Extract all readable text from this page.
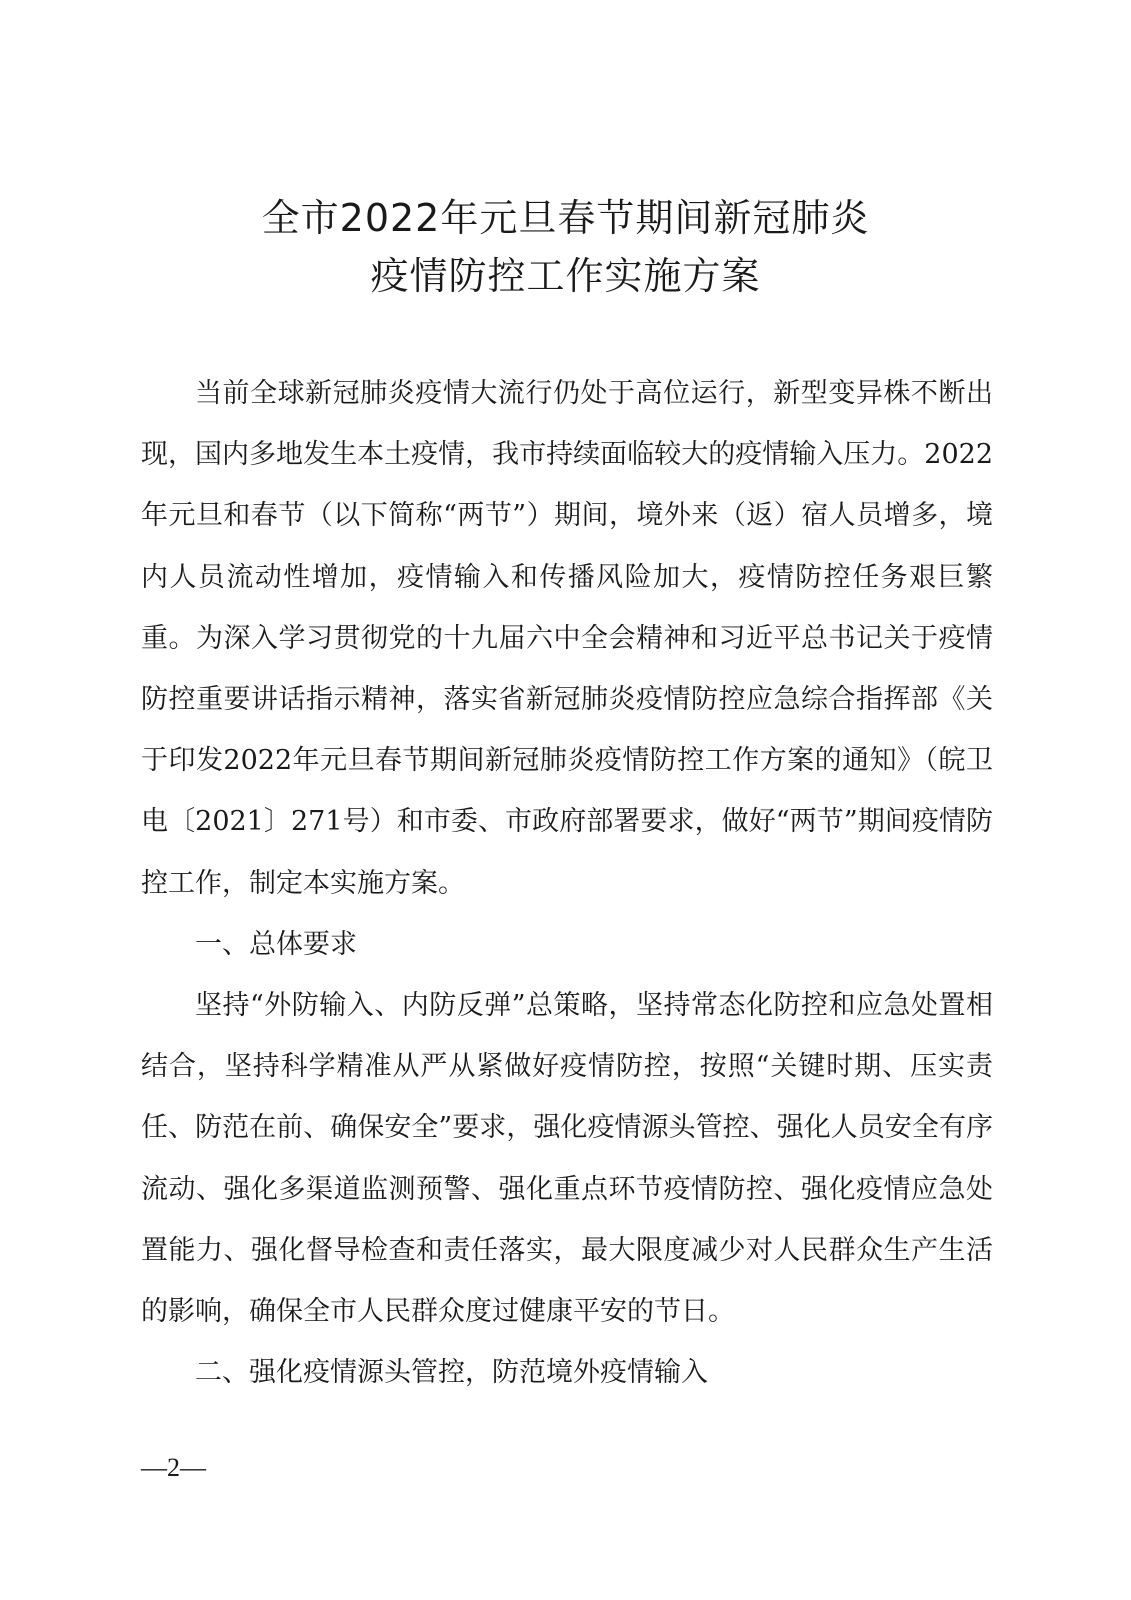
全市2022年元旦春节期间新冠肺炎
疫情防控工作实施方案

当前全球新冠肺炎疫情大流行仍处于高位运行，新型变异株不断出现，国内多地发生本土疫情，我市持续面临较大的疫情输入压力。2022年元旦和春节（以下简称“两节”）期间，境外来（返）宿人员增多，境内人员流动性增加，疫情输入和传播风险加大，疫情防控任务艰巨繁重。为深入学习贯彻党的十九届六中全会精神和习近平总书记关于疫情防控重要讲话指示精神，落实省新冠肺炎疫情防控应急综合指挥部《关于印发2022年元旦春节期间新冠肺炎疫情防控工作方案的通知》（皖卫电〔2021〕271号）和市委、市政府部署要求，做好“两节”期间疫情防控工作，制定本实施方案。

一、总体要求

坚持“外防输入、内防反弹”总策略，坚持常态化防控和应急处置相结合，坚持科学精准从严从紧做好疫情防控，按照“关键时期、压实责任、防范在前、确保安全”要求，强化疫情源头管控、强化人员安全有序流动、强化多渠道监测预警、强化重点环节疫情防控、强化疫情应急处置能力、强化督导检查和责任落实，最大限度减少对人民群众生产生活的影响，确保全市人民群众度过健康平安的节日。

二、强化疫情源头管控，防范境外疫情输入

—2—
